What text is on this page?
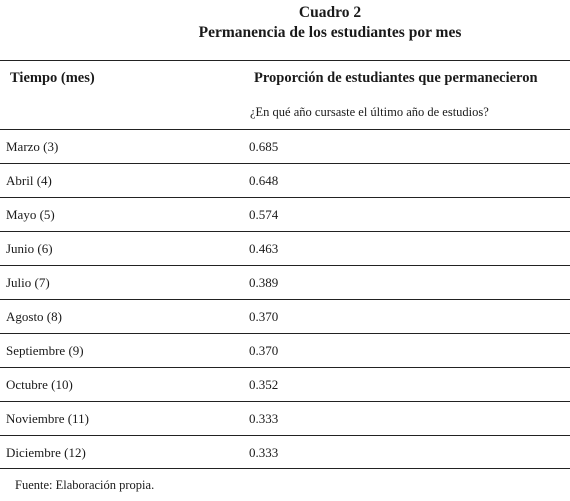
Cuadro 2
Permanencia de los estudiantes por mes
Tiempo (mes)	Proporción de estudiantes que permanecieron
¿En qué año cursaste el último año de estudios?
Marzo (3)	0.685
Abril (4)	0.648
Mayo (5)	0.574
Junio (6)	0.463
Julio (7)	0.389
Agosto (8)	0.370
Septiembre (9)	0.370
Octubre (10)	0.352
Noviembre (11)	0.333
Diciembre (12)	0.333
Fuente: Elaboración propia.
